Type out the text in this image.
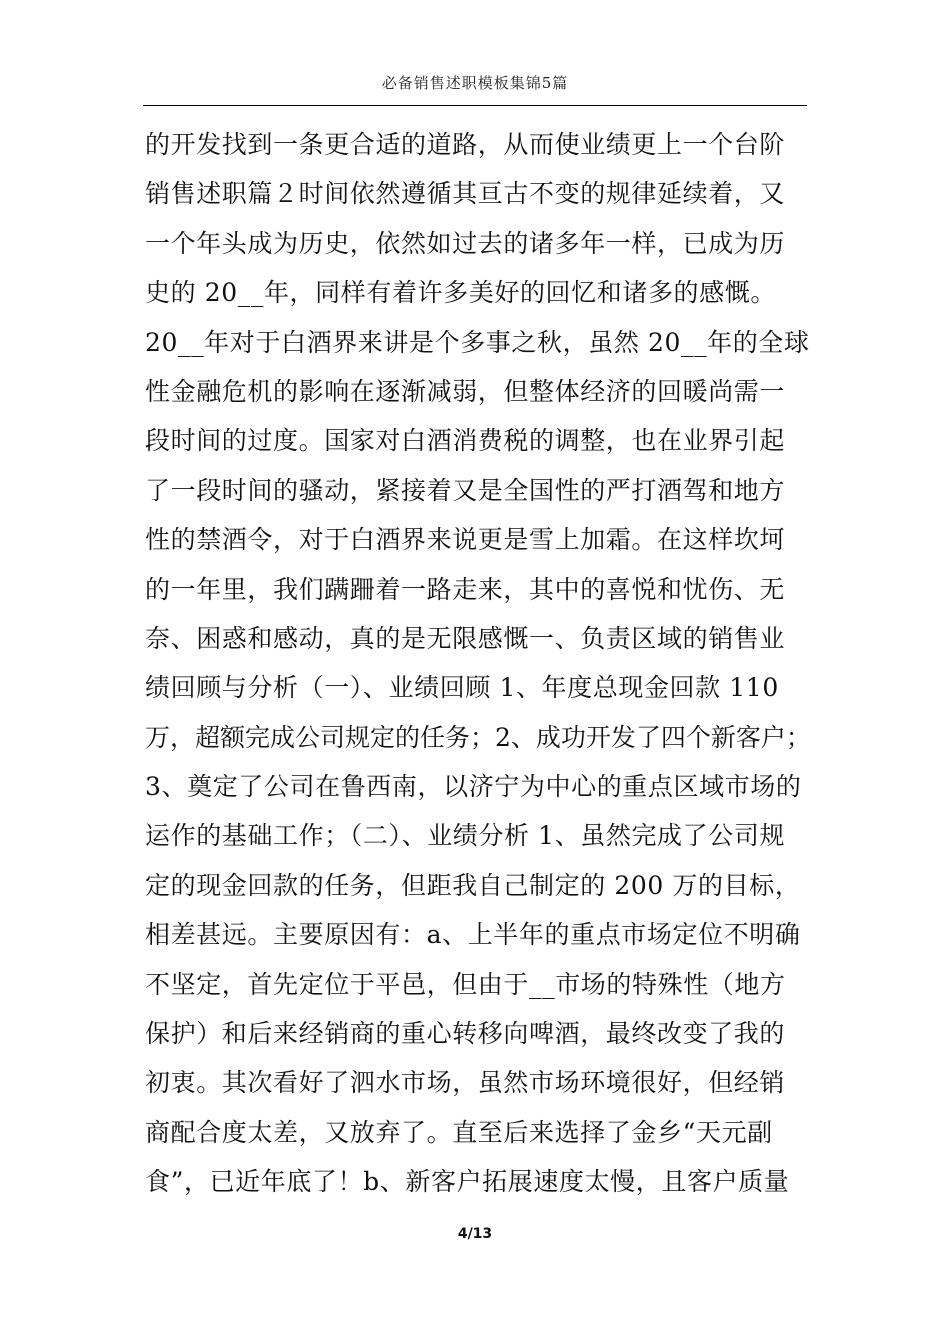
必备销售述职模板集锦5篇
的开发找到一条更合适的道路，从而使业绩更上一个台阶
销售述职篇２时间依然遵循其亘古不变的规律延续着，又
一个年头成为历史，依然如过去的诸多年一样，已成为历
史的 20__年，同样有着许多美好的回忆和诸多的感慨。
20__年对于白酒界来讲是个多事之秋，虽然 20__年的全球
性金融危机的影响在逐渐减弱，但整体经济的回暖尚需一
段时间的过度。国家对白酒消费税的调整，也在业界引起
了一段时间的骚动，紧接着又是全国性的严打酒驾和地方
性的禁酒令，对于白酒界来说更是雪上加霜。在这样坎坷
的一年里，我们蹒跚着一路走来，其中的喜悦和忧伤、无
奈、困惑和感动，真的是无限感慨一、负责区域的销售业
绩回顾与分析（一）、业绩回顾 1、年度总现金回款 110
万，超额完成公司规定的任务；2、成功开发了四个新客户；
3、奠定了公司在鲁西南，以济宁为中心的重点区域市场的
运作的基础工作；（二）、业绩分析 1、虽然完成了公司规
定的现金回款的任务，但距我自己制定的 200 万的目标，
相差甚远。主要原因有：a、上半年的重点市场定位不明确
不坚定，首先定位于平邑，但由于__市场的特殊性（地方
保护）和后来经销商的重心转移向啤酒，最终改变了我的
初衷。其次看好了泗水市场，虽然市场环境很好，但经销
商配合度太差，又放弃了。直至后来选择了金乡“天元副
食”，已近年底了！b、新客户拓展速度太慢，且客户质量
4/13
